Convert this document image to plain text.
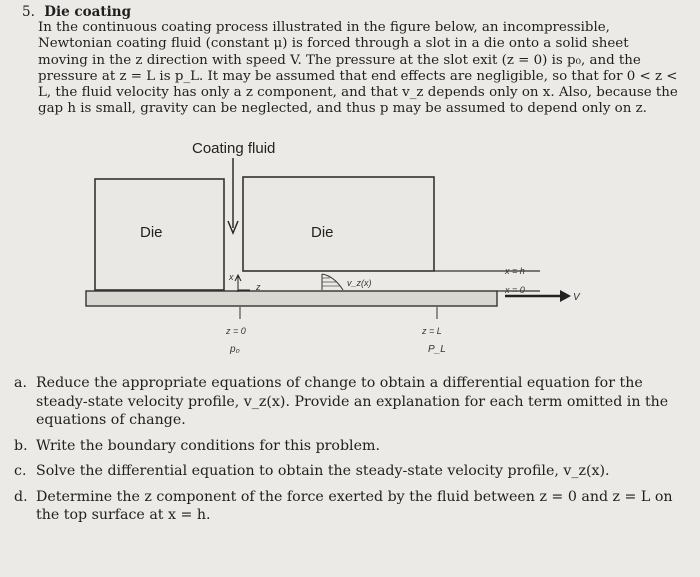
5. Die coating
In the continuous coating process illustrated in the figure below, an incompressible, Newtonian coating fluid (constant μ) is forced through a slot in a die onto a solid sheet moving in the z direction with speed V. The pressure at the slot exit (z = 0) is p₀, and the pressure at z = L is p_L. It may be assumed that end effects are negligible, so that for 0 < z < L, the fluid velocity has only a z component, and that v_z depends only on x. Also, because the gap h is small, gravity can be neglected, and thus p may be assumed to depend only on z.
Coating fluid
Die	Die
x
z	v_z(x)
x = h
x = 0
V
z = 0
p₀
z = L
P_L
a. Reduce the appropriate equations of change to obtain a differential equation for the steady-state velocity profile, v_z(x). Provide an explanation for each term omitted in the equations of change.
b. Write the boundary conditions for this problem.
c. Solve the differential equation to obtain the steady-state velocity profile, v_z(x).
d. Determine the z component of the force exerted by the fluid between z = 0 and z = L on the top surface at x = h.
